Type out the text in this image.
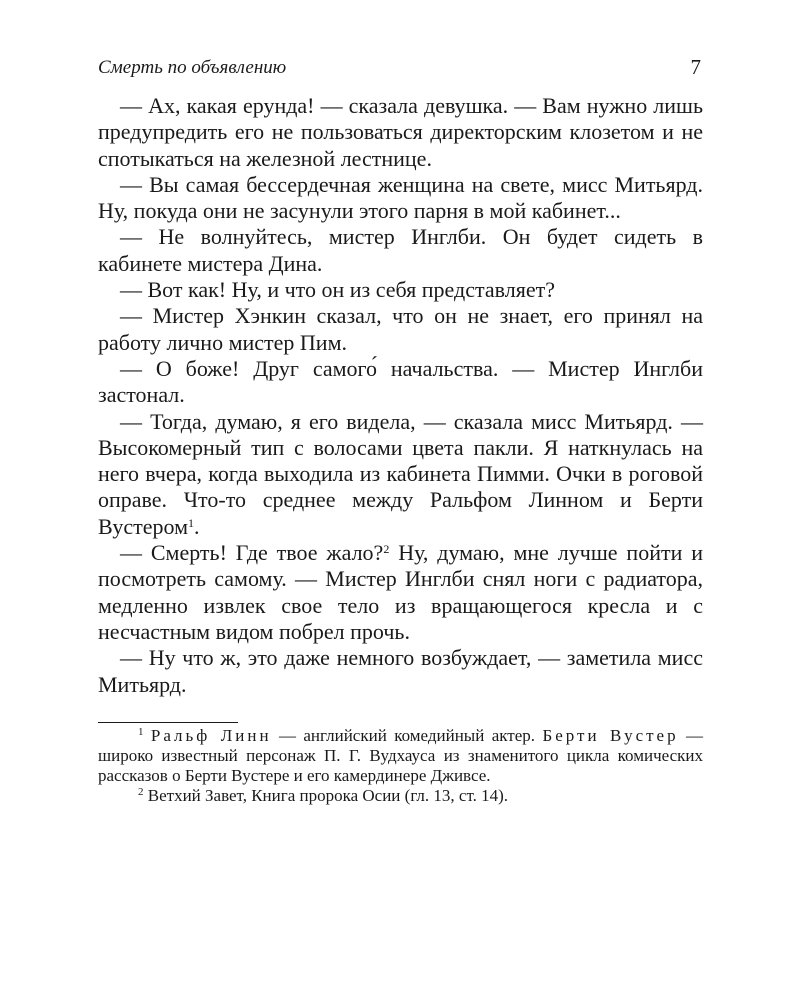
Смерть по объявлению	7

— Ах, какая ерунда! — сказала девушка. — Вам нужно лишь предупредить его не пользоваться директорским клозетом и не спотыкаться на железной лестнице.

— Вы самая бессердечная женщина на свете, мисс Митьярд. Ну, покуда они не засунули этого парня в мой кабинет...

— Не волнуйтесь, мистер Инглби. Он будет сидеть в кабинете мистера Дина.

— Вот как! Ну, и что он из себя представляет?

— Мистер Хэнкин сказал, что он не знает, его принял на работу лично мистер Пим.

— О боже! Друг самого́ начальства. — Мистер Инглби застонал.

— Тогда, думаю, я его видела, — сказала мисс Митьярд. — Высокомерный тип с волосами цвета пакли. Я наткнулась на него вчера, когда выходила из кабинета Пимми. Очки в роговой оправе. Что-то среднее между Ральфом Линном и Берти Вустером$^1$.

— Смерть! Где твое жало?$^2$ Ну, думаю, мне лучше пойти и посмотреть самому. — Мистер Инглби снял ноги с радиатора, медленно извлек свое тело из вращающегося кресла и с несчастным видом побрел прочь.

— Ну что ж, это даже немного возбуждает, — заметила мисс Митьярд.

$^1$ Ральф Линн — английский комедийный актер. Берти Вустер — широко известный персонаж П. Г. Вудхауса из знаменитого цикла комических рассказов о Берти Вустере и его камердинере Дживсе.

$^2$ Ветхий Завет, Книга пророка Осии (гл. 13, ст. 14).
